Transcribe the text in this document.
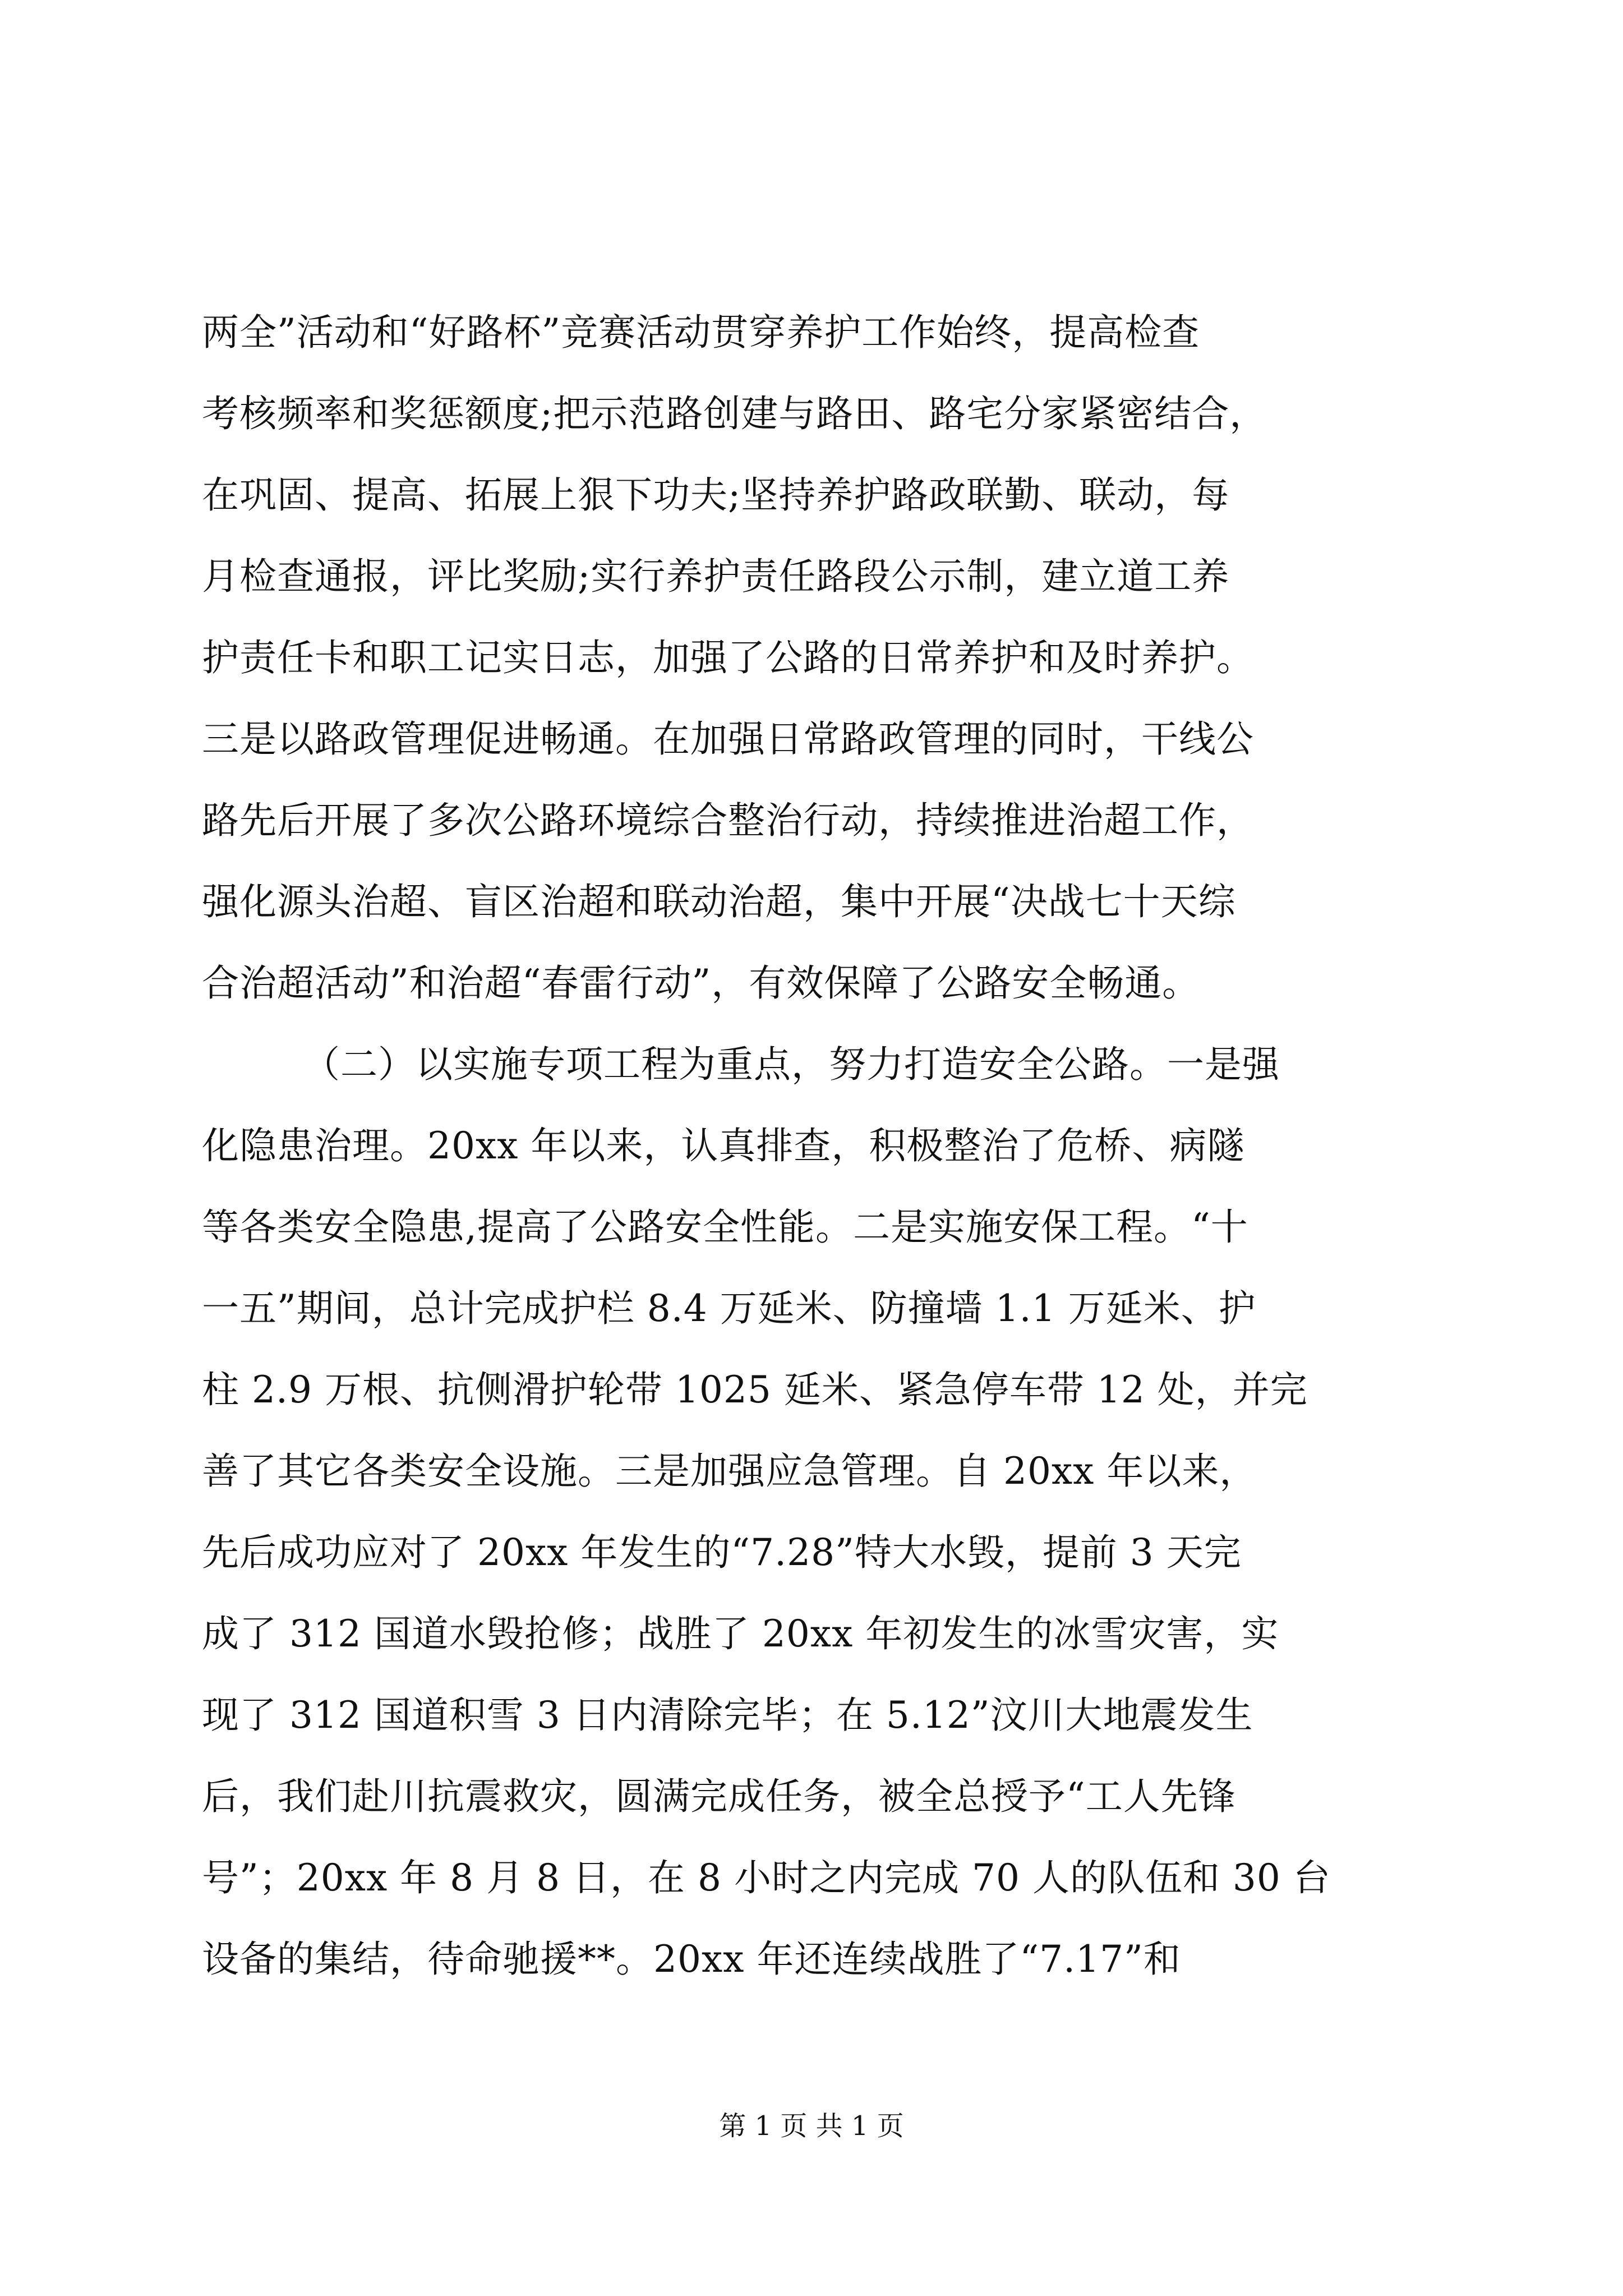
两全”活动和“好路杯”竞赛活动贯穿养护工作始终，提高检查
考核频率和奖惩额度;把示范路创建与路田、路宅分家紧密结合，
在巩固、提高、拓展上狠下功夫;坚持养护路政联勤、联动，每
月检查通报，评比奖励;实行养护责任路段公示制，建立道工养
护责任卡和职工记实日志，加强了公路的日常养护和及时养护。
三是以路政管理促进畅通。在加强日常路政管理的同时，干线公
路先后开展了多次公路环境综合整治行动，持续推进治超工作，
强化源头治超、盲区治超和联动治超，集中开展“决战七十天综
合治超活动”和治超“春雷行动”，有效保障了公路安全畅通。
（二）以实施专项工程为重点，努力打造安全公路。一是强
化隐患治理。20xx 年以来，认真排查，积极整治了危桥、病隧
等各类安全隐患,提高了公路安全性能。二是实施安保工程。“十
一五”期间，总计完成护栏 8.4 万延米、防撞墙 1.1 万延米、护
柱 2.9 万根、抗侧滑护轮带 1025 延米、紧急停车带 12 处，并完
善了其它各类安全设施。三是加强应急管理。自 20xx 年以来，
先后成功应对了 20xx 年发生的“7.28”特大水毁，提前 3 天完
成了 312 国道水毁抢修；战胜了 20xx 年初发生的冰雪灾害，实
现了 312 国道积雪 3 日内清除完毕；在 5.12”汶川大地震发生
后，我们赴川抗震救灾，圆满完成任务，被全总授予“工人先锋
号”；20xx 年 8 月 8 日，在 8 小时之内完成 70 人的队伍和 30 台
设备的集结，待命驰援**。20xx 年还连续战胜了“7.17”和
第 1 页 共 1 页
